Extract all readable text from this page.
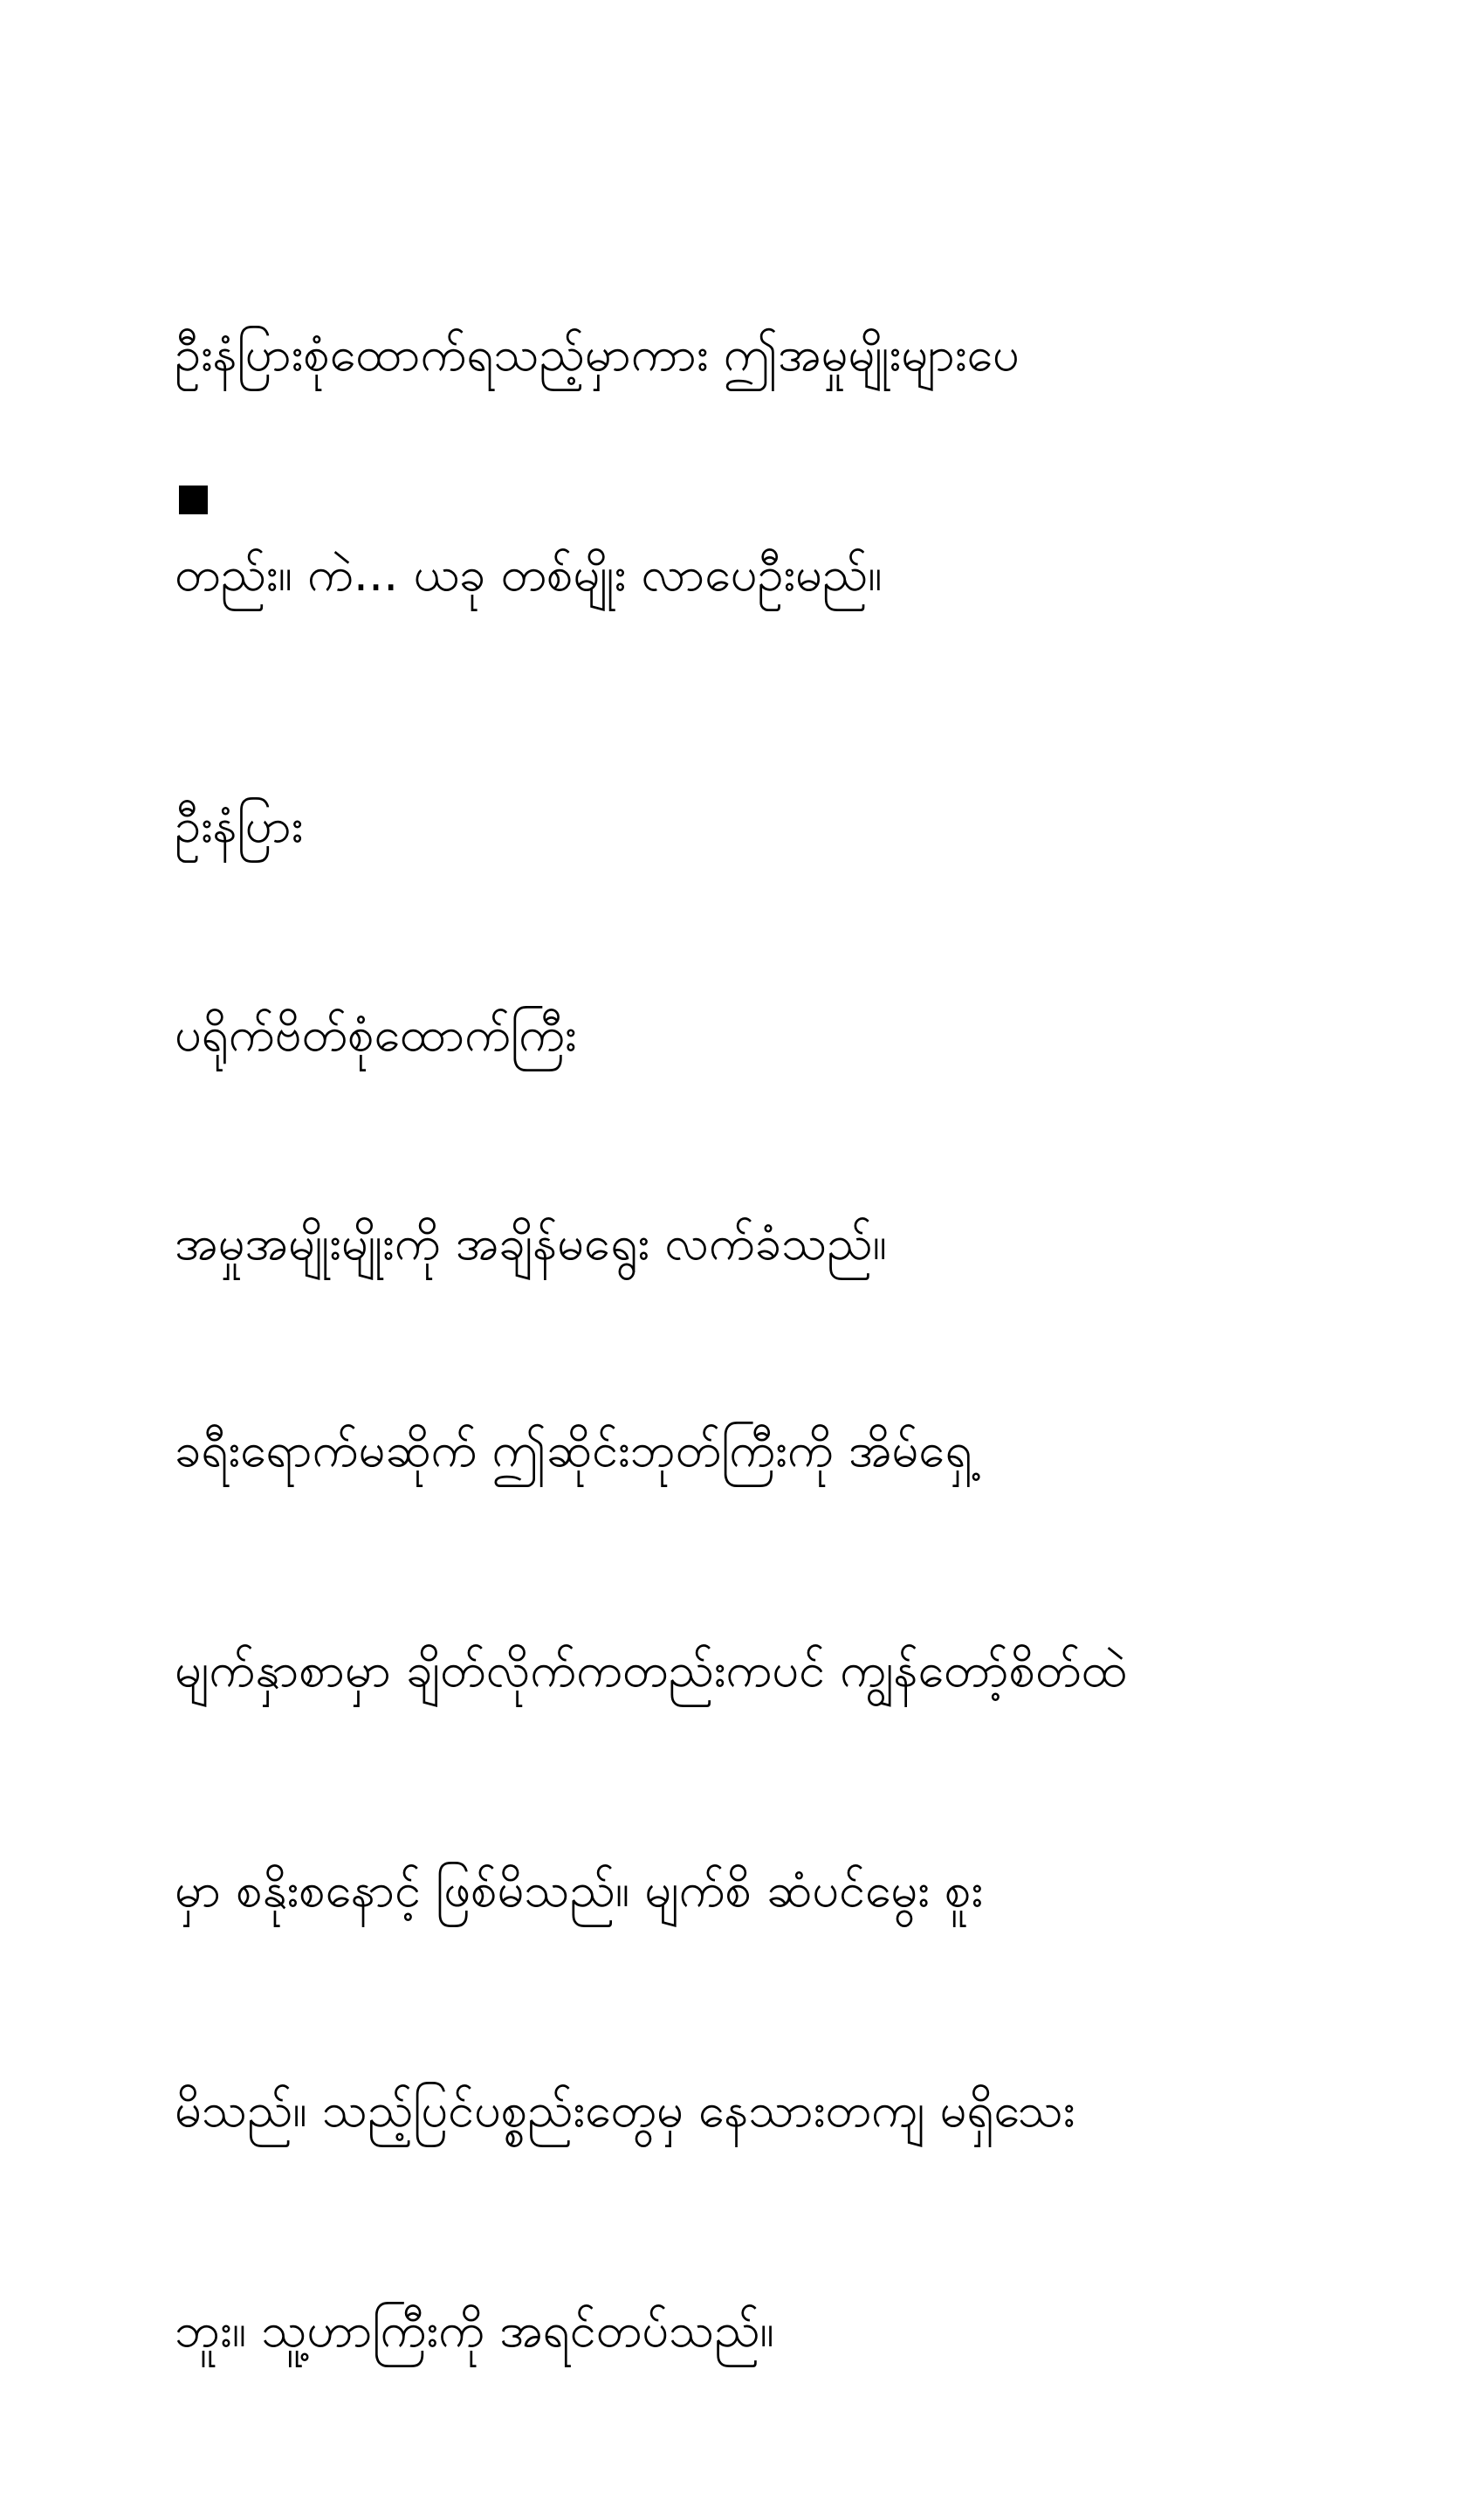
ဦးနံပြားစုံထောက်ရသည့်မှာကား ဤအမှုမျိုးများပေ

တည်း။ ကဲ... ယခု တစ်မျိုး လာပေဦးမည်။

ဦးနံပြား

ပရိုက်ဗိတ်စုံထောက်ကြီး

အမှုအမျိုးမျိုးကို အချိန်မရွေး လက်ခံသည်။

ခရီးရောက်မဆိုက် ဤဆိုင်းဘုတ်ကြီးကို အိမ်ရှေ့

မျက်နှာစာမှာ ချိတ်လိုက်ကတည်းကပင် ကျွန်တော့်စိတ်ထဲ

မှာ စနိုးစနောင့် ဖြစ်မိသည်။ မျက်စိ ဆံပင်မွေး စူး

မိသည်။ သည့်ပြင်ပစ္စည်းတွေမှ နေသားတကျ မရှိသေး

ဘူး။ သူ့ဟာကြီးကို အရင်တပ်သည်။
